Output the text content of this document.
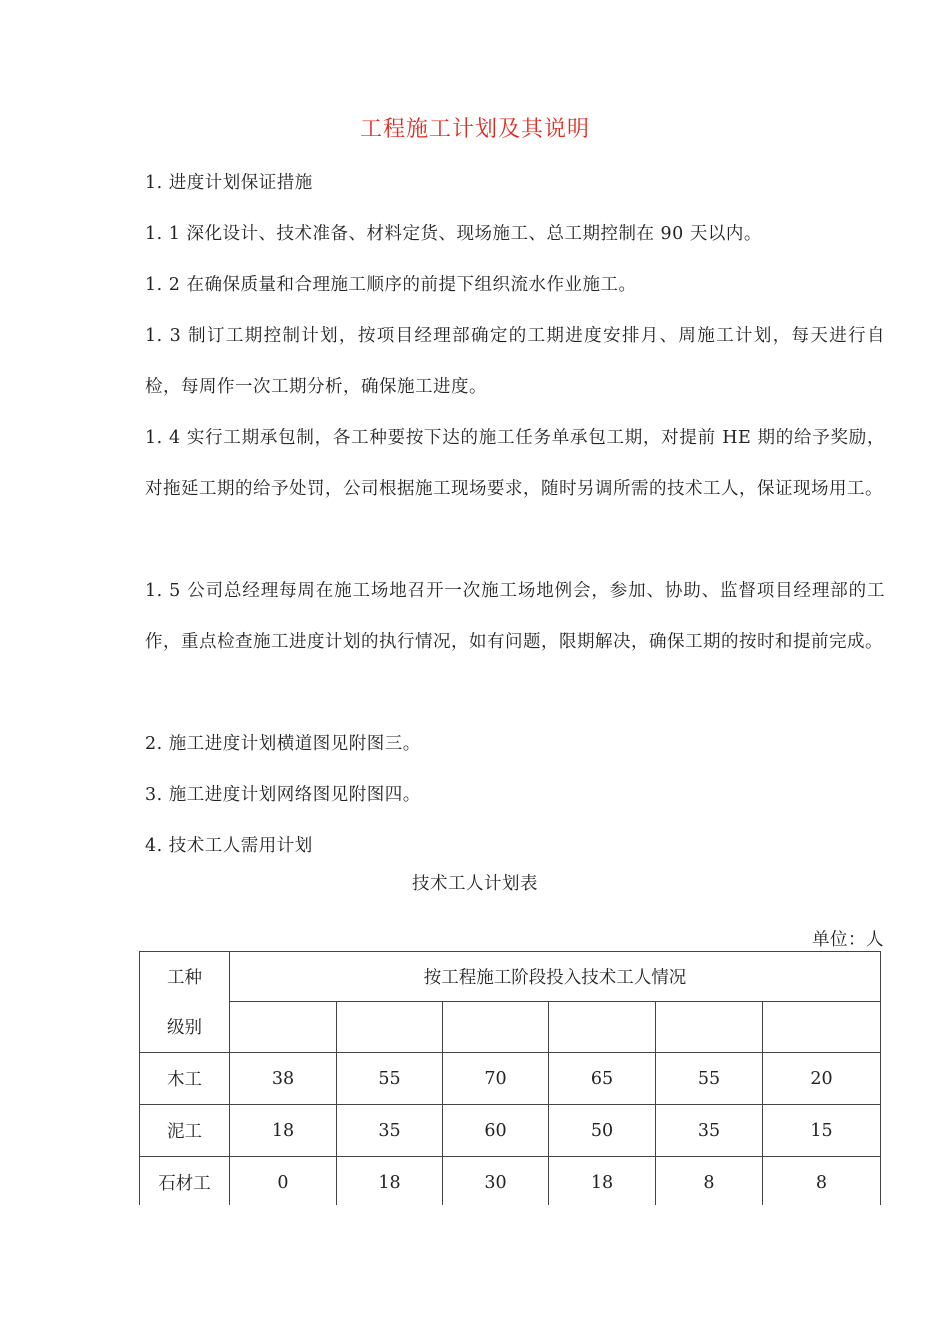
工程施工计划及其说明
1. 进度计划保证措施
1. 1 深化设计、技术准备、材料定货、现场施工、总工期控制在 90 天以内。
1. 2 在确保质量和合理施工顺序的前提下组织流水作业施工。
1. 3 制订工期控制计划，按项目经理部确定的工期进度安排月、周施工计划，每天进行自检，每周作一次工期分析，确保施工进度。
1. 4 实行工期承包制，各工种要按下达的施工任务单承包工期，对提前 HE 期的给予奖励，对拖延工期的给予处罚，公司根据施工现场要求，随时另调所需的技术工人，保证现场用工。
1. 5 公司总经理每周在施工场地召开一次施工场地例会，参加、协助、监督项目经理部的工作，重点检查施工进度计划的执行情况，如有问题，限期解决，确保工期的按时和提前完成。
2. 施工进度计划横道图见附图三。
3. 施工进度计划网络图见附图四。
4. 技术工人需用计划
技术工人计划表
单位：人
工种	按工程施工阶段投入技术工人情况					
级别						
木工	38	55	70	65	55	20
泥工	18	35	60	50	35	15
石材工	0	18	30	18	8	8
